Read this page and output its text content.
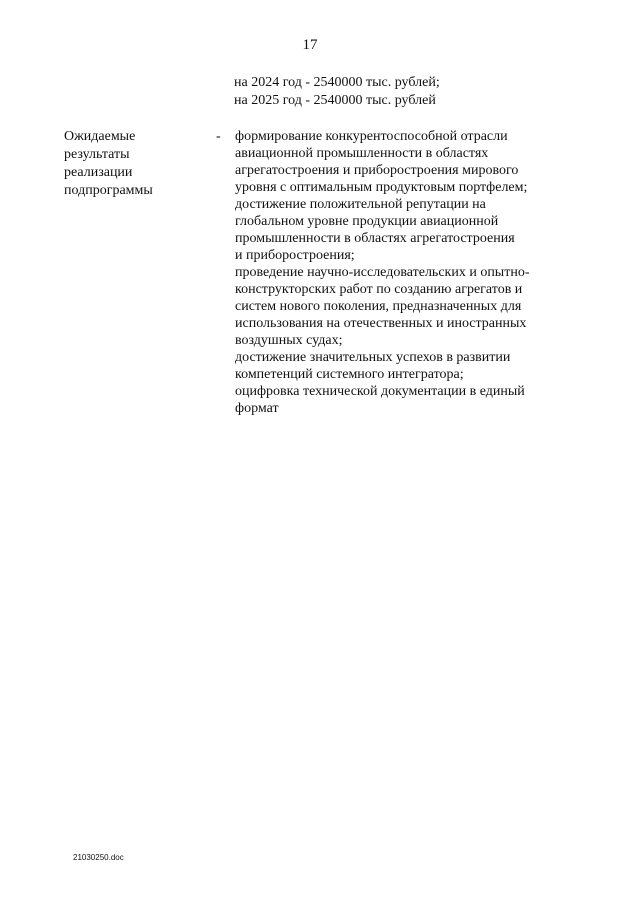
17
на 2024 год - 2540000 тыс. рублей;
на 2025 год - 2540000 тыс. рублей
Ожидаемые
результаты
реализации
подпрограммы
- формирование конкурентоспособной отрасли
авиационной промышленности в областях
агрегатостроения и приборостроения мирового
уровня с оптимальным продуктовым портфелем;
достижение положительной репутации на
глобальном уровне продукции авиационной
промышленности в областях агрегатостроения
и приборостроения;
проведение научно-исследовательских и опытно-
конструкторских работ по созданию агрегатов и
систем нового поколения, предназначенных для
использования на отечественных и иностранных
воздушных судах;
достижение значительных успехов в развитии
компетенций системного интегратора;
оцифровка технической документации в единый
формат
21030250.doc
